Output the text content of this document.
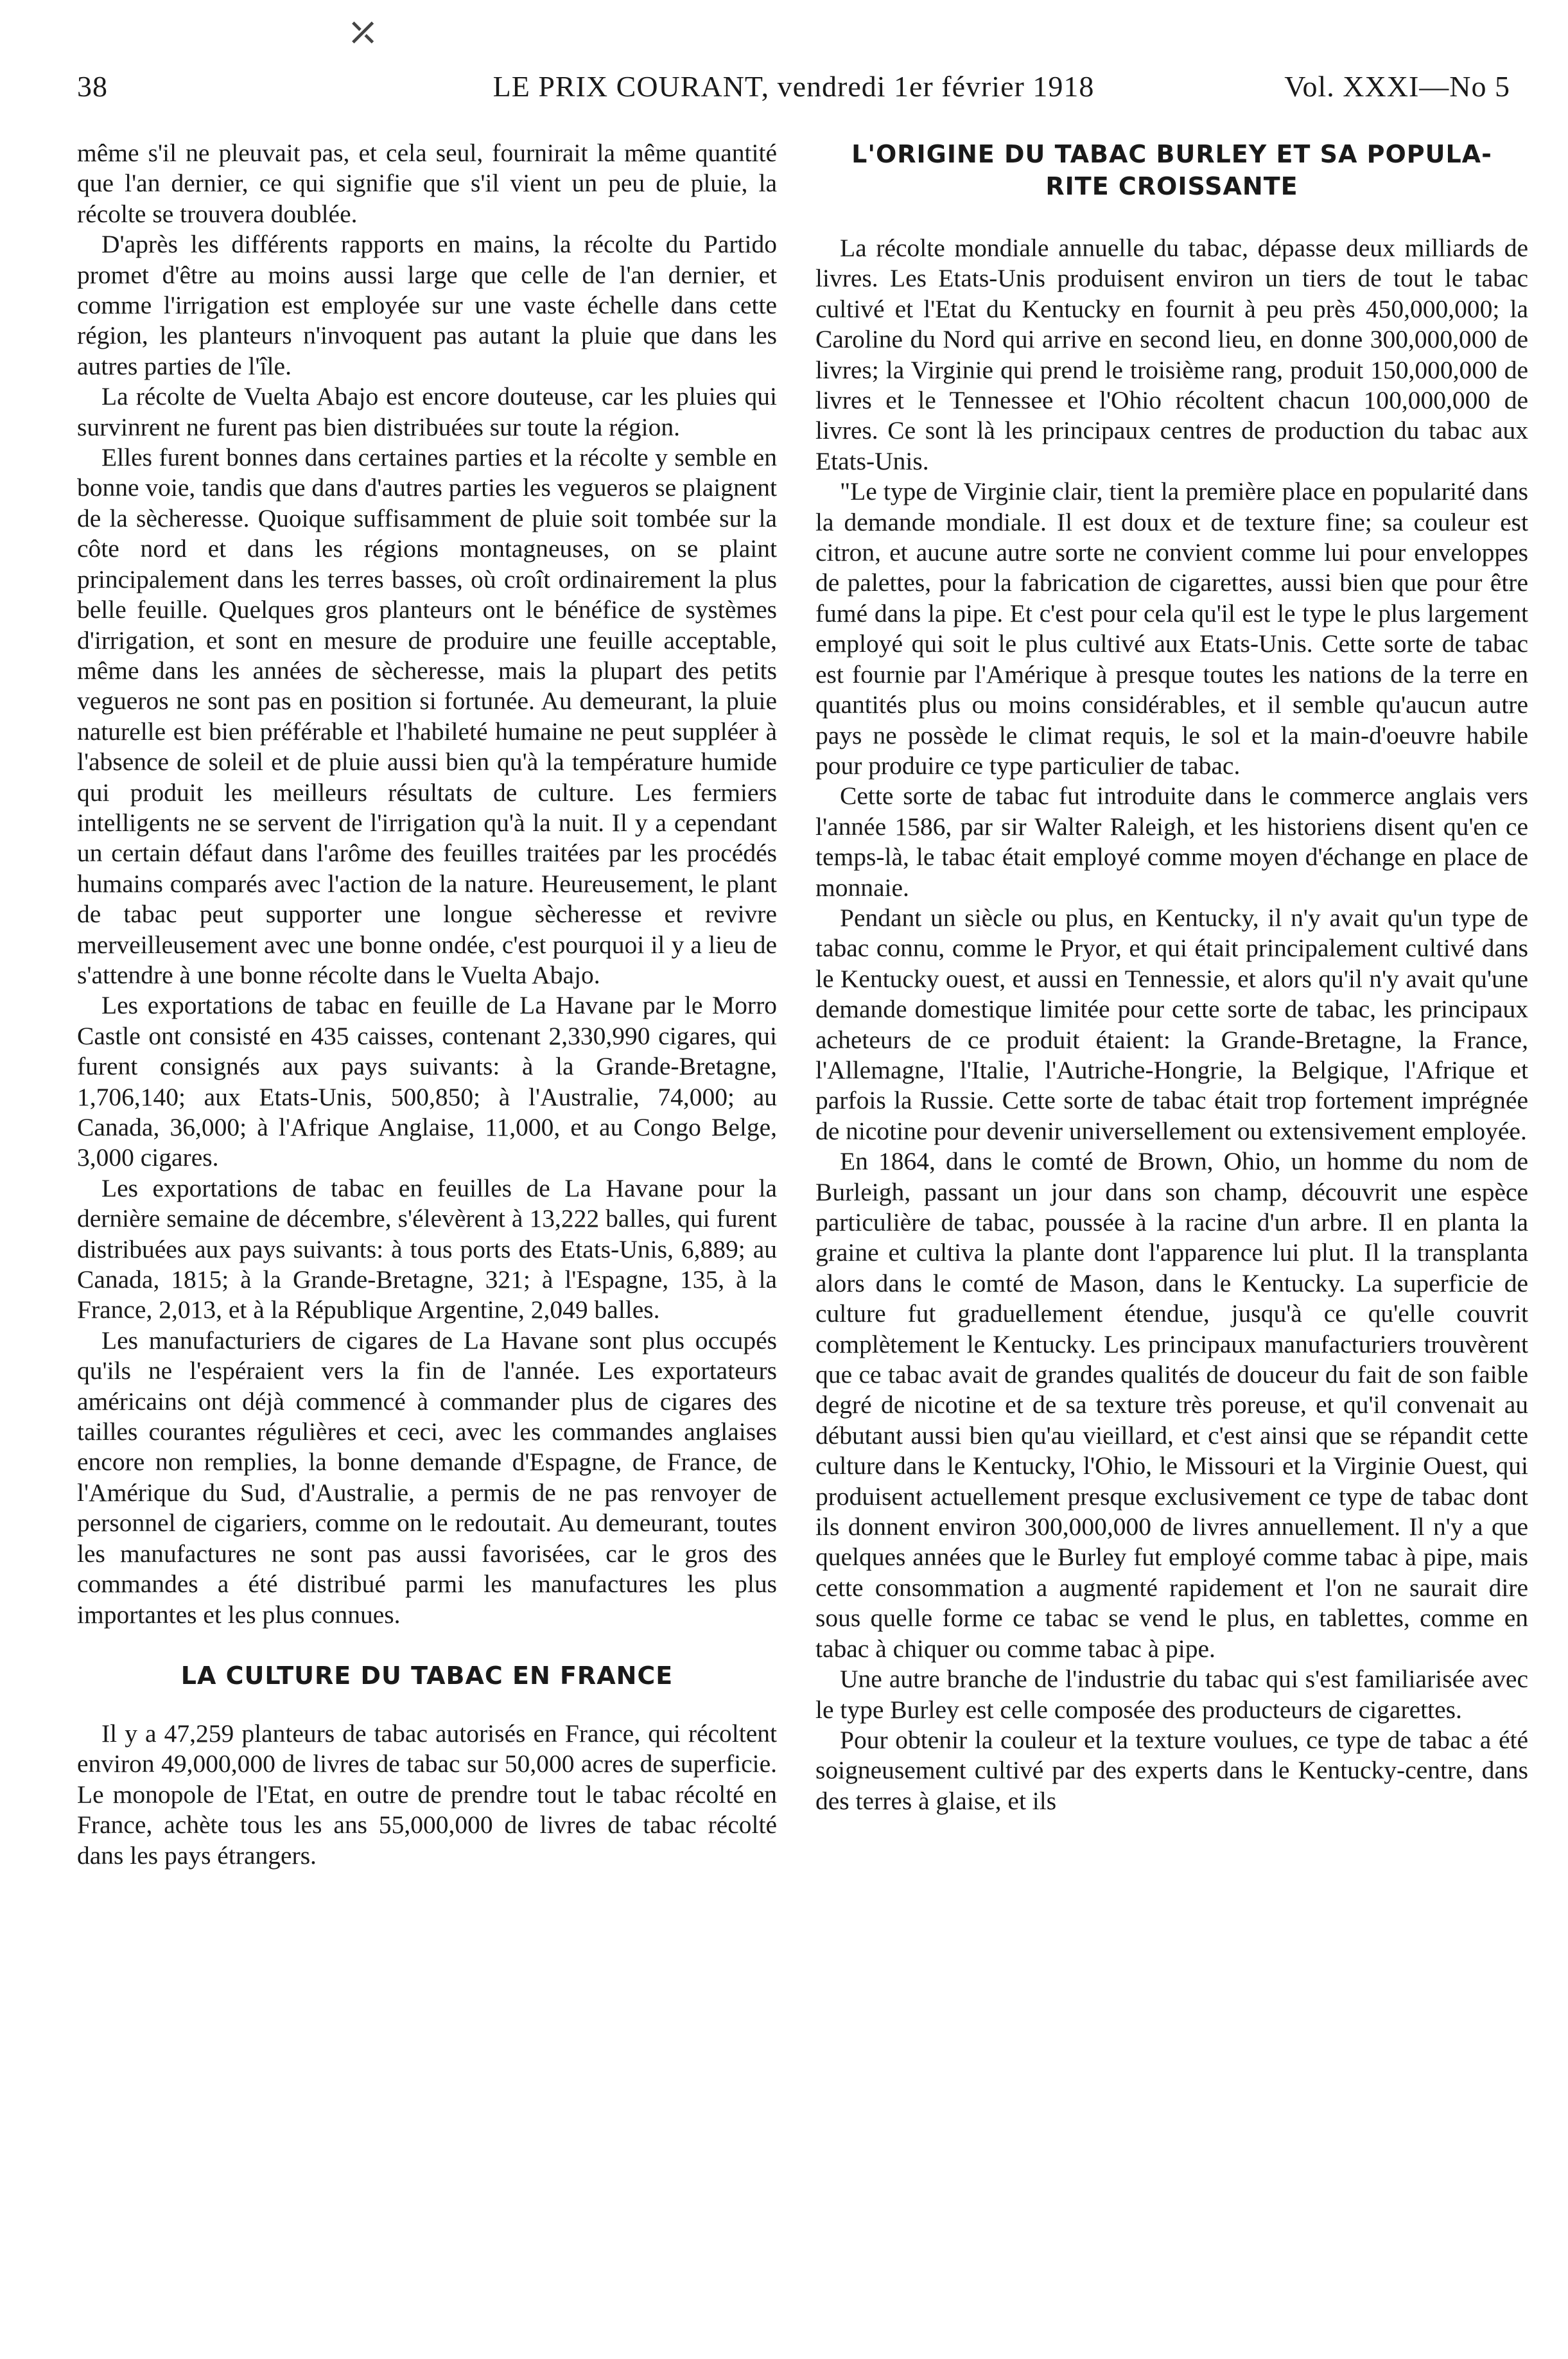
⤫
38	LE PRIX COURANT, vendredi 1er février 1918	Vol. XXXI—No 5

même s'il ne pleuvait pas, et cela seul, fournirait la même quantité que l'an dernier, ce qui signifie que s'il vient un peu de pluie, la récolte se trouvera doublée.

D'après les différents rapports en mains, la récolte du Partido promet d'être au moins aussi large que celle de l'an dernier, et comme l'irrigation est employée sur une vaste échelle dans cette région, les planteurs n'invoquent pas autant la pluie que dans les autres parties de l'île.

La récolte de Vuelta Abajo est encore douteuse, car les pluies qui survinrent ne furent pas bien distribuées sur toute la région.

Elles furent bonnes dans certaines parties et la récolte y semble en bonne voie, tandis que dans d'autres parties les vegueros se plaignent de la sècheresse. Quoique suffisamment de pluie soit tombée sur la côte nord et dans les régions montagneuses, on se plaint principalement dans les terres basses, où croît ordinairement la plus belle feuille. Quelques gros planteurs ont le bénéfice de systèmes d'irrigation, et sont en mesure de produire une feuille acceptable, même dans les années de sècheresse, mais la plupart des petits vegueros ne sont pas en position si fortunée. Au demeurant, la pluie naturelle est bien préférable et l'habileté humaine ne peut suppléer à l'absence de soleil et de pluie aussi bien qu'à la température humide qui produit les meilleurs résultats de culture. Les fermiers intelligents ne se servent de l'irrigation qu'à la nuit. Il y a cependant un certain défaut dans l'arôme des feuilles traitées par les procédés humains comparés avec l'action de la nature. Heureusement, le plant de tabac peut supporter une longue sècheresse et revivre merveilleusement avec une bonne ondée, c'est pourquoi il y a lieu de s'attendre à une bonne récolte dans le Vuelta Abajo.

Les exportations de tabac en feuille de La Havane par le Morro Castle ont consisté en 435 caisses, contenant 2,330,990 cigares, qui furent consignés aux pays suivants: à la Grande-Bretagne, 1,706,140; aux Etats-Unis, 500,850; à l'Australie, 74,000; au Canada, 36,000; à l'Afrique Anglaise, 11,000, et au Congo Belge, 3,000 cigares.

Les exportations de tabac en feuilles de La Havane pour la dernière semaine de décembre, s'élevèrent à 13,222 balles, qui furent distribuées aux pays suivants: à tous ports des Etats-Unis, 6,889; au Canada, 1815; à la Grande-Bretagne, 321; à l'Espagne, 135, à la France, 2,013, et à la République Argentine, 2,049 balles.

Les manufacturiers de cigares de La Havane sont plus occupés qu'ils ne l'espéraient vers la fin de l'année. Les exportateurs américains ont déjà commencé à commander plus de cigares des tailles courantes régulières et ceci, avec les commandes anglaises encore non remplies, la bonne demande d'Espagne, de France, de l'Amérique du Sud, d'Australie, a permis de ne pas renvoyer de personnel de cigariers, comme on le redoutait. Au demeurant, toutes les manufactures ne sont pas aussi favorisées, car le gros des commandes a été distribué parmi les manufactures les plus importantes et les plus connues.

LA CULTURE DU TABAC EN FRANCE

Il y a 47,259 planteurs de tabac autorisés en France, qui récoltent environ 49,000,000 de livres de tabac sur 50,000 acres de superficie. Le monopole de l'Etat, en outre de prendre tout le tabac récolté en France, achète tous les ans 55,000,000 de livres de tabac récolté dans les pays étrangers.

L'ORIGINE DU TABAC BURLEY ET SA POPULA-
RITE CROISSANTE

La récolte mondiale annuelle du tabac, dépasse deux milliards de livres. Les Etats-Unis produisent environ un tiers de tout le tabac cultivé et l'Etat du Kentucky en fournit à peu près 450,000,000; la Caroline du Nord qui arrive en second lieu, en donne 300,000,000 de livres; la Virginie qui prend le troisième rang, produit 150,000,000 de livres et le Tennessee et l'Ohio récoltent chacun 100,000,000 de livres. Ce sont là les principaux centres de production du tabac aux Etats-Unis.

"Le type de Virginie clair, tient la première place en popularité dans la demande mondiale. Il est doux et de texture fine; sa couleur est citron, et aucune autre sorte ne convient comme lui pour enveloppes de palettes, pour la fabrication de cigarettes, aussi bien que pour être fumé dans la pipe. Et c'est pour cela qu'il est le type le plus largement employé qui soit le plus cultivé aux Etats-Unis. Cette sorte de tabac est fournie par l'Amérique à presque toutes les nations de la terre en quantités plus ou moins considérables, et il semble qu'aucun autre pays ne possède le climat requis, le sol et la main-d'oeuvre habile pour produire ce type particulier de tabac.

Cette sorte de tabac fut introduite dans le commerce anglais vers l'année 1586, par sir Walter Raleigh, et les historiens disent qu'en ce temps-là, le tabac était employé comme moyen d'échange en place de monnaie.

Pendant un siècle ou plus, en Kentucky, il n'y avait qu'un type de tabac connu, comme le Pryor, et qui était principalement cultivé dans le Kentucky ouest, et aussi en Tennessie, et alors qu'il n'y avait qu'une demande domestique limitée pour cette sorte de tabac, les principaux acheteurs de ce produit étaient: la Grande-Bretagne, la France, l'Allemagne, l'Italie, l'Autriche-Hongrie, la Belgique, l'Afrique et parfois la Russie. Cette sorte de tabac était trop fortement imprégnée de nicotine pour devenir universellement ou extensivement employée.

En 1864, dans le comté de Brown, Ohio, un homme du nom de Burleigh, passant un jour dans son champ, découvrit une espèce particulière de tabac, poussée à la racine d'un arbre. Il en planta la graine et cultiva la plante dont l'apparence lui plut. Il la transplanta alors dans le comté de Mason, dans le Kentucky. La superficie de culture fut graduellement étendue, jusqu'à ce qu'elle couvrit complètement le Kentucky. Les principaux manufacturiers trouvèrent que ce tabac avait de grandes qualités de douceur du fait de son faible degré de nicotine et de sa texture très poreuse, et qu'il convenait au débutant aussi bien qu'au vieillard, et c'est ainsi que se répandit cette culture dans le Kentucky, l'Ohio, le Missouri et la Virginie Ouest, qui produisent actuellement presque exclusivement ce type de tabac dont ils donnent environ 300,000,000 de livres annuellement. Il n'y a que quelques années que le Burley fut employé comme tabac à pipe, mais cette consommation a augmenté rapidement et l'on ne saurait dire sous quelle forme ce tabac se vend le plus, en tablettes, comme en tabac à chiquer ou comme tabac à pipe.

Une autre branche de l'industrie du tabac qui s'est familiarisée avec le type Burley est celle composée des producteurs de cigarettes.

Pour obtenir la couleur et la texture voulues, ce type de tabac a été soigneusement cultivé par des experts dans le Kentucky-centre, dans des terres à glaise, et ils
